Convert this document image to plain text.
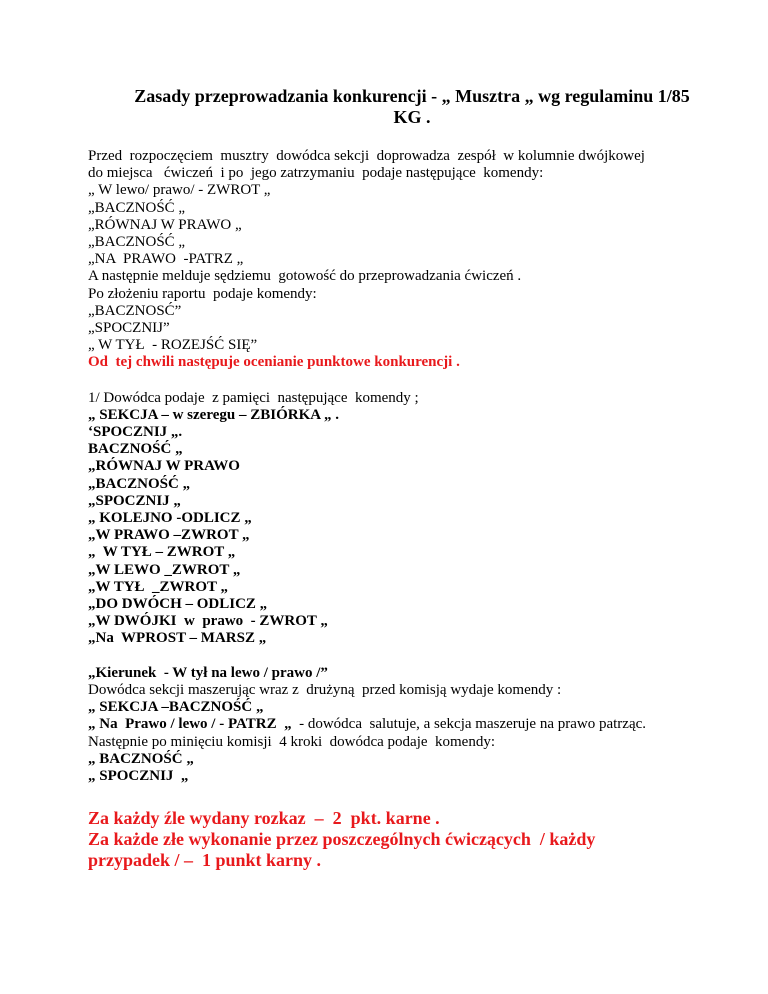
Zasady przeprowadzania konkurencji - „ Musztra „ wg regulaminu 1/85
KG .
Przed  rozpoczęciem  musztry  dowódca sekcji  doprowadza  zespół  w kolumnie dwójkowej
do miejsca   ćwiczeń  i po  jego zatrzymaniu  podaje następujące  komendy:
„ W lewo/ prawo/ - ZWROT „
„BACZNOŚĆ „
„RÓWNAJ W PRAWO „
„BACZNOŚĆ „
„NA  PRAWO  -PATRZ „
A następnie melduje sędziemu  gotowość do przeprowadzania ćwiczeń .
Po złożeniu raportu  podaje komendy:
„BACZNOSĆ”
„SPOCZNIJ”
„ W TYŁ  - ROZEJŚĆ SIĘ”
Od  tej chwili następuje ocenianie punktowe konkurencji .
1/ Dowódca podaje  z pamięci  następujące  komendy ;
„ SEKCJA – w szeregu – ZBIÓRKA „ .
‘SPOCZNIJ „.
BACZNOŚĆ „
„RÓWNAJ W PRAWO
„BACZNOŚĆ „
„SPOCZNIJ „
„ KOLEJNO -ODLICZ „
„W PRAWO –ZWROT „
„  W TYŁ – ZWROT „
„W LEWO _ZWROT „
„W TYŁ  _ZWROT „
„DO DWÓCH – ODLICZ „
„W DWÓJKI  w  prawo  - ZWROT „
„Na  WPROST – MARSZ „
„Kierunek  - W tył na lewo / prawo /”
Dowódca sekcji maszerując wraz z  drużyną  przed komisją wydaje komendy :
„ SEKCJA –BACZNOŚĆ „
„ Na  Prawo / lewo / - PATRZ  „  - dowódca  salutuje, a sekcja maszeruje na prawo patrząc.
Następnie po minięciu komisji  4 kroki  dowódca podaje  komendy:
„ BACZNOŚĆ „
„ SPOCZNIJ  „
Za każdy źle wydany rozkaz  –  2  pkt. karne .
Za każde złe wykonanie przez poszczególnych ćwiczących  / każdy
przypadek / –  1 punkt karny .
